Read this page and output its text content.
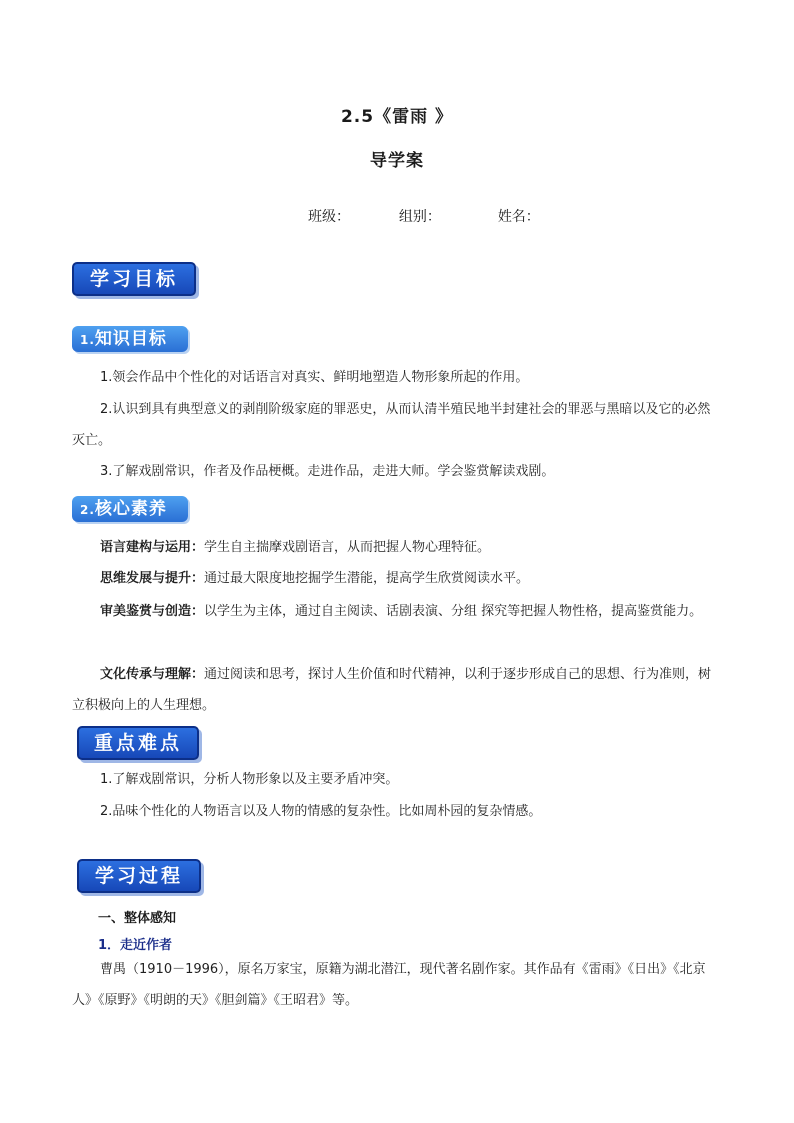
2.5《雷雨 》
导学案
班级：	组别：	姓名：
学习目标
1.知识目标
1.领会作品中个性化的对话语言对真实、鲜明地塑造人物形象所起的作用。
2.认识到具有典型意义的剥削阶级家庭的罪恶史，从而认清半殖民地半封建社会的罪恶与黑暗以及它的必然灭亡。
3.了解戏剧常识，作者及作品梗概。走进作品，走进大师。学会鉴赏解读戏剧。
2.核心素养
语言建构与运用：学生自主揣摩戏剧语言，从而把握人物心理特征。
思维发展与提升：通过最大限度地挖掘学生潜能，提高学生欣赏阅读水平。
审美鉴赏与创造：以学生为主体，通过自主阅读、话剧表演、分组 探究等把握人物性格，提高鉴赏能力。
文化传承与理解：通过阅读和思考，探讨人生价值和时代精神，以利于逐步形成自己的思想、行为准则，树立积极向上的人生理想。
重点难点
1.了解戏剧常识，分析人物形象以及主要矛盾冲突。
2.品味个性化的人物语言以及人物的情感的复杂性。比如周朴园的复杂情感。
学习过程
一、整体感知
1．走近作者
曹禺（1910－1996），原名万家宝，原籍为湖北潜江，现代著名剧作家。其作品有《雷雨》《日出》《北京人》《原野》《明朗的天》《胆剑篇》《王昭君》等。
